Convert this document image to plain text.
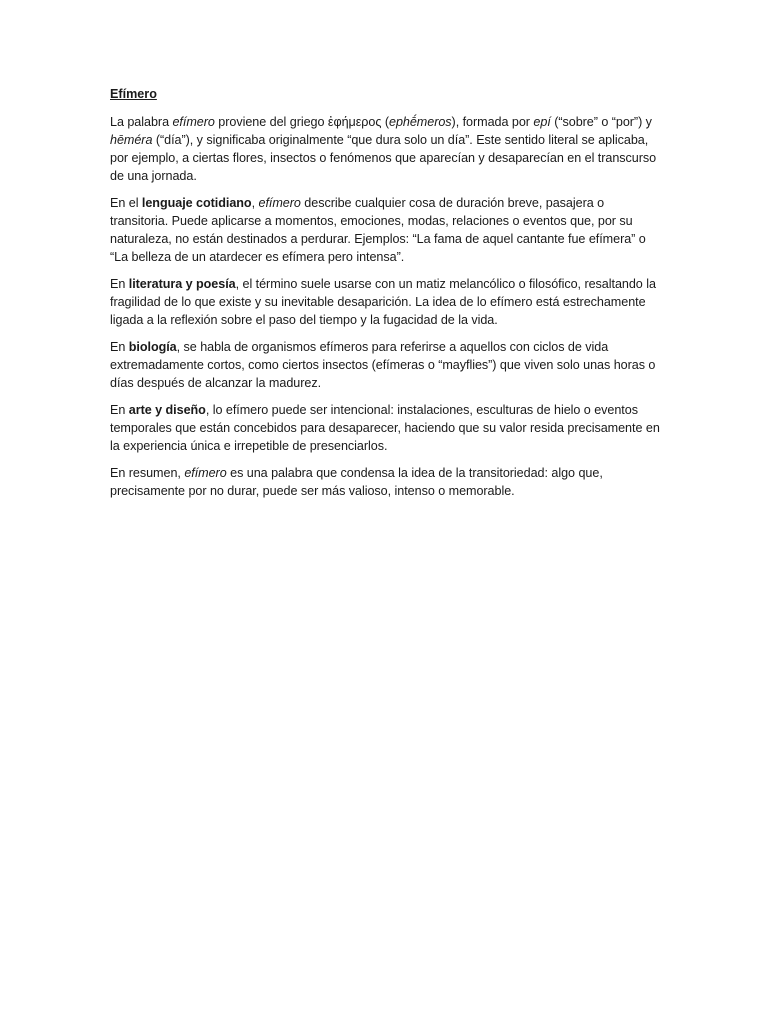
Efímero

La palabra efímero proviene del griego ἐφήμερος (ephḗmeros), formada por epí (“sobre” o “por”) y hēméra (“día”), y significaba originalmente “que dura solo un día”. Este sentido literal se aplicaba, por ejemplo, a ciertas flores, insectos o fenómenos que aparecían y desaparecían en el transcurso de una jornada.

En el lenguaje cotidiano, efímero describe cualquier cosa de duración breve, pasajera o transitoria. Puede aplicarse a momentos, emociones, modas, relaciones o eventos que, por su naturaleza, no están destinados a perdurar. Ejemplos: “La fama de aquel cantante fue efímera” o “La belleza de un atardecer es efímera pero intensa”.

En literatura y poesía, el término suele usarse con un matiz melancólico o filosófico, resaltando la fragilidad de lo que existe y su inevitable desaparición. La idea de lo efímero está estrechamente ligada a la reflexión sobre el paso del tiempo y la fugacidad de la vida.

En biología, se habla de organismos efímeros para referirse a aquellos con ciclos de vida extremadamente cortos, como ciertos insectos (efímeras o “mayflies”) que viven solo unas horas o días después de alcanzar la madurez.

En arte y diseño, lo efímero puede ser intencional: instalaciones, esculturas de hielo o eventos temporales que están concebidos para desaparecer, haciendo que su valor resida precisamente en la experiencia única e irrepetible de presenciarlos.

En resumen, efímero es una palabra que condensa la idea de la transitoriedad: algo que, precisamente por no durar, puede ser más valioso, intenso o memorable.
